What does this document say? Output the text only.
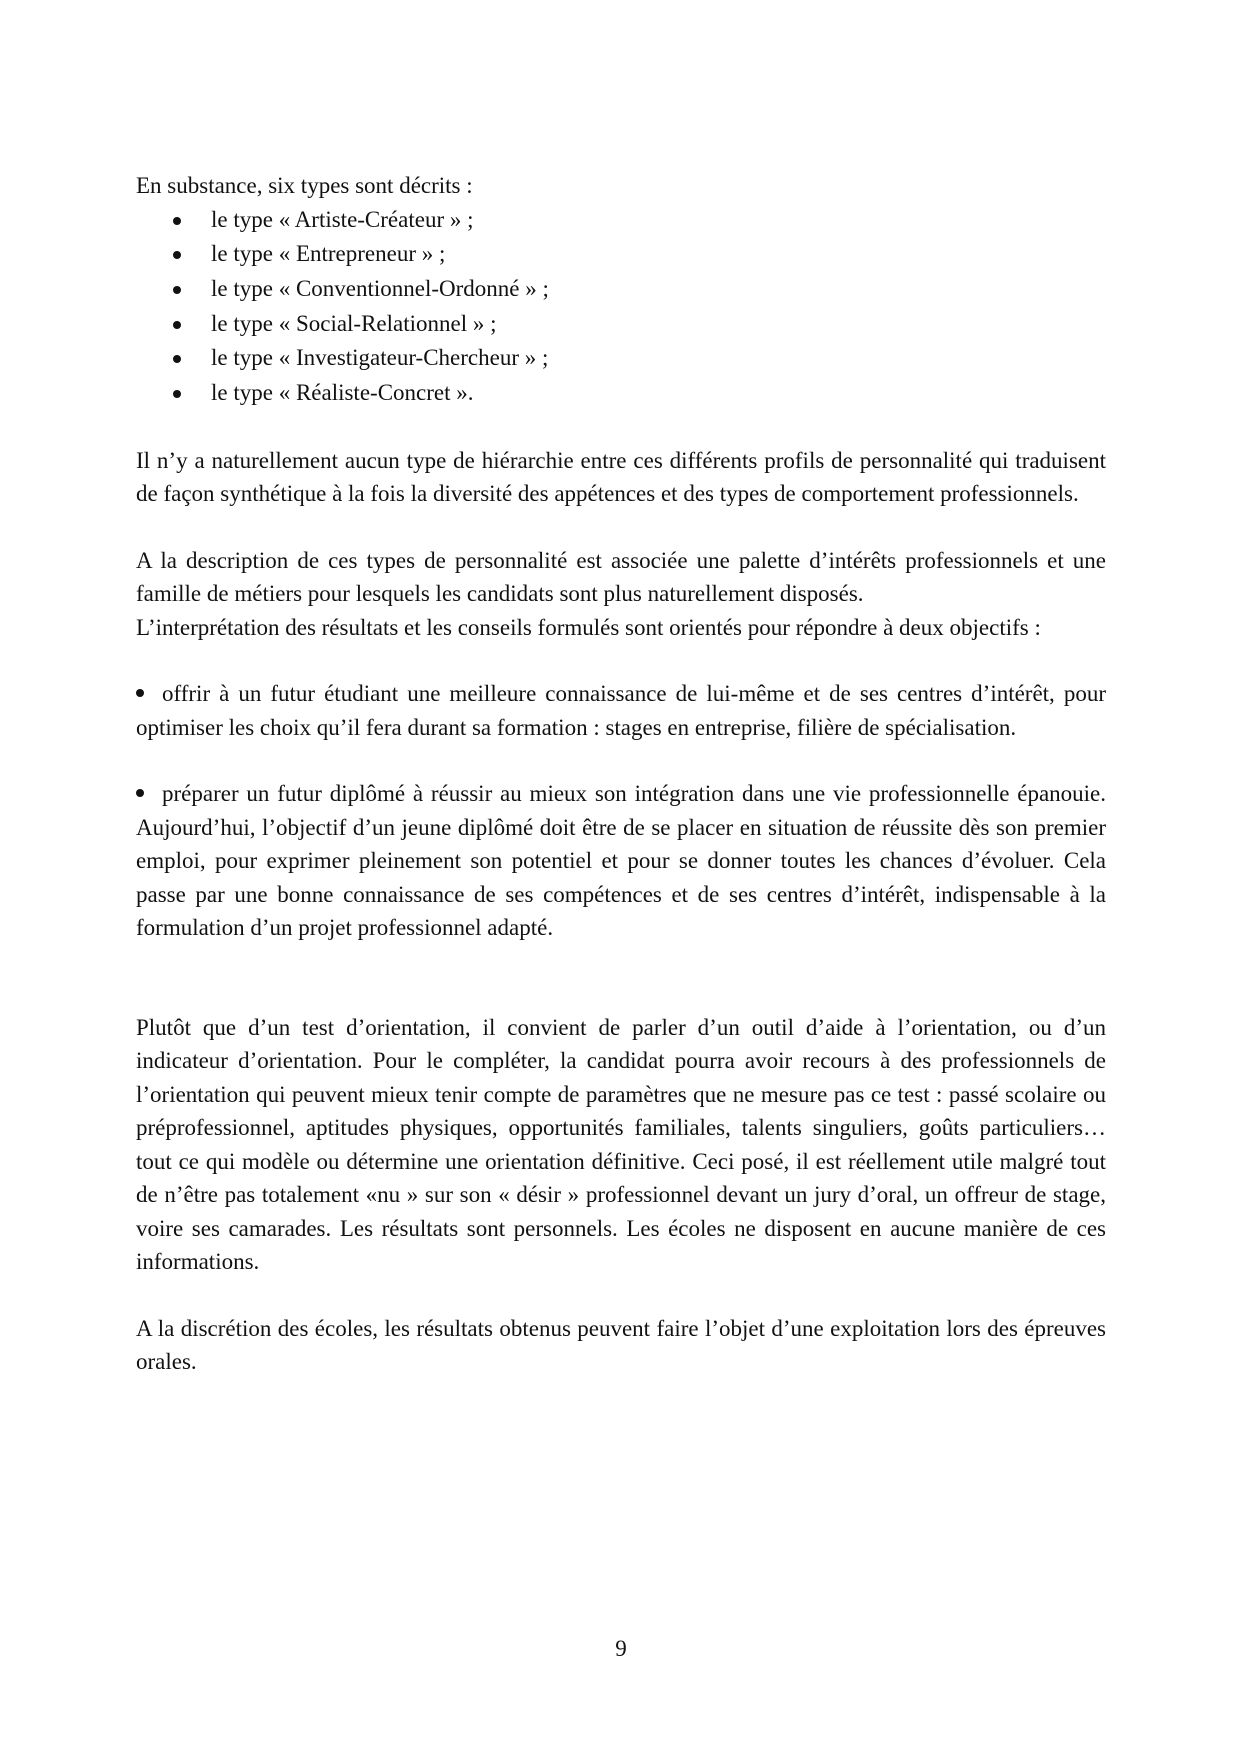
En substance, six types sont décrits :

le type « Artiste-Créateur » ;
le type « Entrepreneur » ;
le type « Conventionnel-Ordonné » ;
le type « Social-Relationnel » ;
le type « Investigateur-Chercheur » ;
le type « Réaliste-Concret ».

Il n’y a naturellement aucun type de hiérarchie entre ces différents profils de personnalité qui traduisent de façon synthétique à la fois la diversité des appétences et des types de comportement professionnels.

A la description de ces types de personnalité est associée une palette d’intérêts professionnels et une famille de métiers pour lesquels les candidats sont plus naturellement disposés.

L’interprétation des résultats et les conseils formulés sont orientés pour répondre à deux objectifs :

offrir à un futur étudiant une meilleure connaissance de lui-même et de ses centres d’intérêt, pour optimiser les choix qu’il fera durant sa formation : stages en entreprise, filière de spécialisation.

préparer un futur diplômé à réussir au mieux son intégration dans une vie professionnelle épanouie. Aujourd’hui, l’objectif d’un jeune diplômé doit être de se placer en situation de réussite dès son premier emploi, pour exprimer pleinement son potentiel et pour se donner toutes les chances d’évoluer. Cela passe par une bonne connaissance de ses compétences et de ses centres d’intérêt, indispensable à la formulation d’un projet professionnel adapté.

Plutôt que d’un test d’orientation, il convient de parler d’un outil d’aide à l’orientation, ou d’un indicateur d’orientation. Pour le compléter, la candidat pourra avoir recours à des professionnels de l’orientation qui peuvent mieux tenir compte de paramètres que ne mesure pas ce test : passé scolaire ou préprofessionnel, aptitudes physiques, opportunités familiales, talents singuliers, goûts particuliers… tout ce qui modèle ou détermine une orientation définitive. Ceci posé, il est réellement utile malgré tout de n’être pas totalement «nu » sur son « désir » professionnel devant un jury d’oral, un offreur de stage, voire ses camarades. Les résultats sont personnels. Les écoles ne disposent en aucune manière de ces informations.

A la discrétion des écoles, les résultats obtenus peuvent faire l’objet d’une exploitation lors des épreuves orales.

9
